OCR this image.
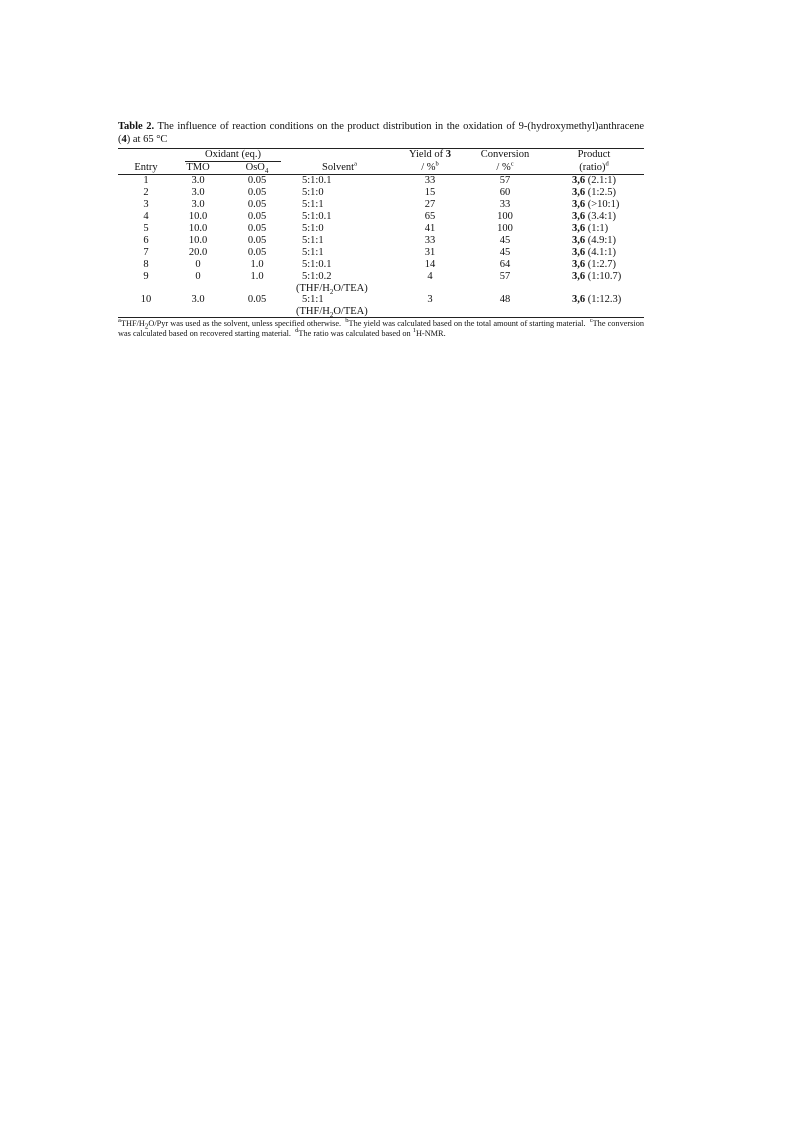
Table 2. The influence of reaction conditions on the product distribution in the oxidation of 9-(hydroxymethyl)anthracene (4) at 65 °C

	Oxidant (eq.)			Yield of 3	Conversion	Product
Entry	TMO	OsO$_4$	Solvent$^a$	/ %$^b$	/ %$^c$	(ratio)$^d$
1	3.0	0.05	5:1:0.1	33	57	3,6 (2.1:1)
2	3.0	0.05	5:1:0	15	60	3,6 (1:2.5)
3	3.0	0.05	5:1:1	27	33	3,6 (>10:1)
4	10.0	0.05	5:1:0.1	65	100	3,6 (3.4:1)
5	10.0	0.05	5:1:0	41	100	3,6 (1:1)
6	10.0	0.05	5:1:1	33	45	3,6 (4.9:1)
7	20.0	0.05	5:1:1	31	45	3,6 (4.1:1)
8	0	1.0	5:1:0.1	14	64	3,6 (1:2.7)
9	0	1.0	5:1:0.2	4	57	3,6 (1:10.7)
			$(THF/H_2O/TEA)$			
10	3.0	0.05	5:1:1	3	48	3,6 (1:12.3)
			$(THF/H_2O/TEA)$			

$^aTHF/H_2O$/Pyr was used as the solvent, unless specified otherwise. $^b$The yield was calculated based on the total amount of starting material. $^c$The conversion was calculated based on recovered starting material. $^d$The ratio was calculated based on $^1$H-NMR.
